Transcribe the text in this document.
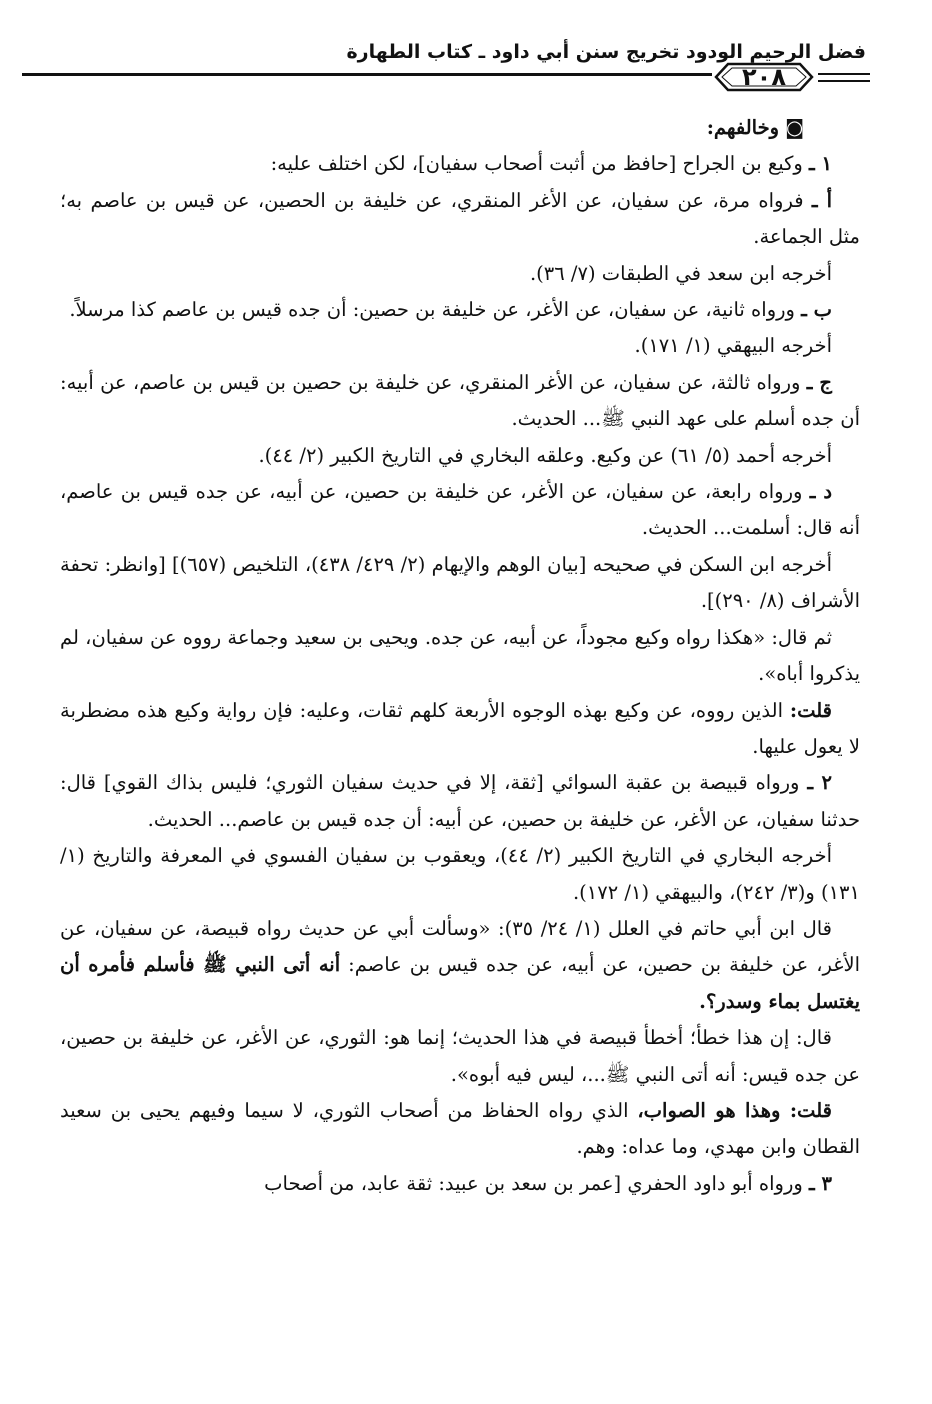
فضل الرحيم الودود تخريج سنن أبي داود ـ كتاب الطهارة
٢٠٨

◙وخالفهم:

١ ـ وكيع بن الجراح [حافظ من أثبت أصحاب سفيان]، لكن اختلف عليه:

أ ـ فرواه مرة، عن سفيان، عن الأغر المنقري، عن خليفة بن الحصين، عن قيس بن عاصم به؛ مثل الجماعة.

أخرجه ابن سعد في الطبقات (٧/ ٣٦).

ب ـ ورواه ثانية، عن سفيان، عن الأغر، عن خليفة بن حصين: أن جده قيس بن عاصم كذا مرسلاً.

أخرجه البيهقي (١/ ١٧١).

ج ـ ورواه ثالثة، عن سفيان، عن الأغر المنقري، عن خليفة بن حصين بن قيس بن عاصم، عن أبيه: أن جده أسلم على عهد النبي ﷺ... الحديث.

أخرجه أحمد (٥/ ٦١) عن وكيع. وعلقه البخاري في التاريخ الكبير (٢/ ٤٤).

د ـ ورواه رابعة، عن سفيان، عن الأغر، عن خليفة بن حصين، عن أبيه، عن جده قيس بن عاصم، أنه قال: أسلمت... الحديث.

أخرجه ابن السكن في صحيحه [بيان الوهم والإيهام (٢/ ٤٢٩/ ٤٣٨)، التلخيص (٦٥٧)] [وانظر: تحفة الأشراف (٨/ ٢٩٠)].

ثم قال: «هكذا رواه وكيع مجوداً، عن أبيه، عن جده. ويحيى بن سعيد وجماعة رووه عن سفيان، لم يذكروا أباه».

قلت: الذين رووه، عن وكيع بهذه الوجوه الأربعة كلهم ثقات، وعليه: فإن رواية وكيع هذه مضطربة لا يعول عليها.

٢ ـ ورواه قبيصة بن عقبة السوائي [ثقة، إلا في حديث سفيان الثوري؛ فليس بذاك القوي] قال: حدثنا سفيان، عن الأغر، عن خليفة بن حصين، عن أبيه: أن جده قيس بن عاصم... الحديث.

أخرجه البخاري في التاريخ الكبير (٢/ ٤٤)، ويعقوب بن سفيان الفسوي في المعرفة والتاريخ (١/ ١٣١) و(٣/ ٢٤٢)، والبيهقي (١/ ١٧٢).

قال ابن أبي حاتم في العلل (١/ ٢٤/ ٣٥): «وسألت أبي عن حديث رواه قبيصة، عن سفيان، عن الأغر، عن خليفة بن حصين، عن أبيه، عن جده قيس بن عاصم: أنه أتى النبي ﷺ فأسلم فأمره أن يغتسل بماء وسدر؟.

قال: إن هذا خطأ؛ أخطأ قبيصة في هذا الحديث؛ إنما هو: الثوري، عن الأغر، عن خليفة بن حصين، عن جده قيس: أنه أتى النبي ﷺ...، ليس فيه أبوه».

قلت: وهذا هو الصواب، الذي رواه الحفاظ من أصحاب الثوري، لا سيما وفيهم يحيى بن سعيد القطان وابن مهدي، وما عداه: وهم.

٣ ـ ورواه أبو داود الحفري [عمر بن سعد بن عبيد: ثقة عابد، من أصحاب
